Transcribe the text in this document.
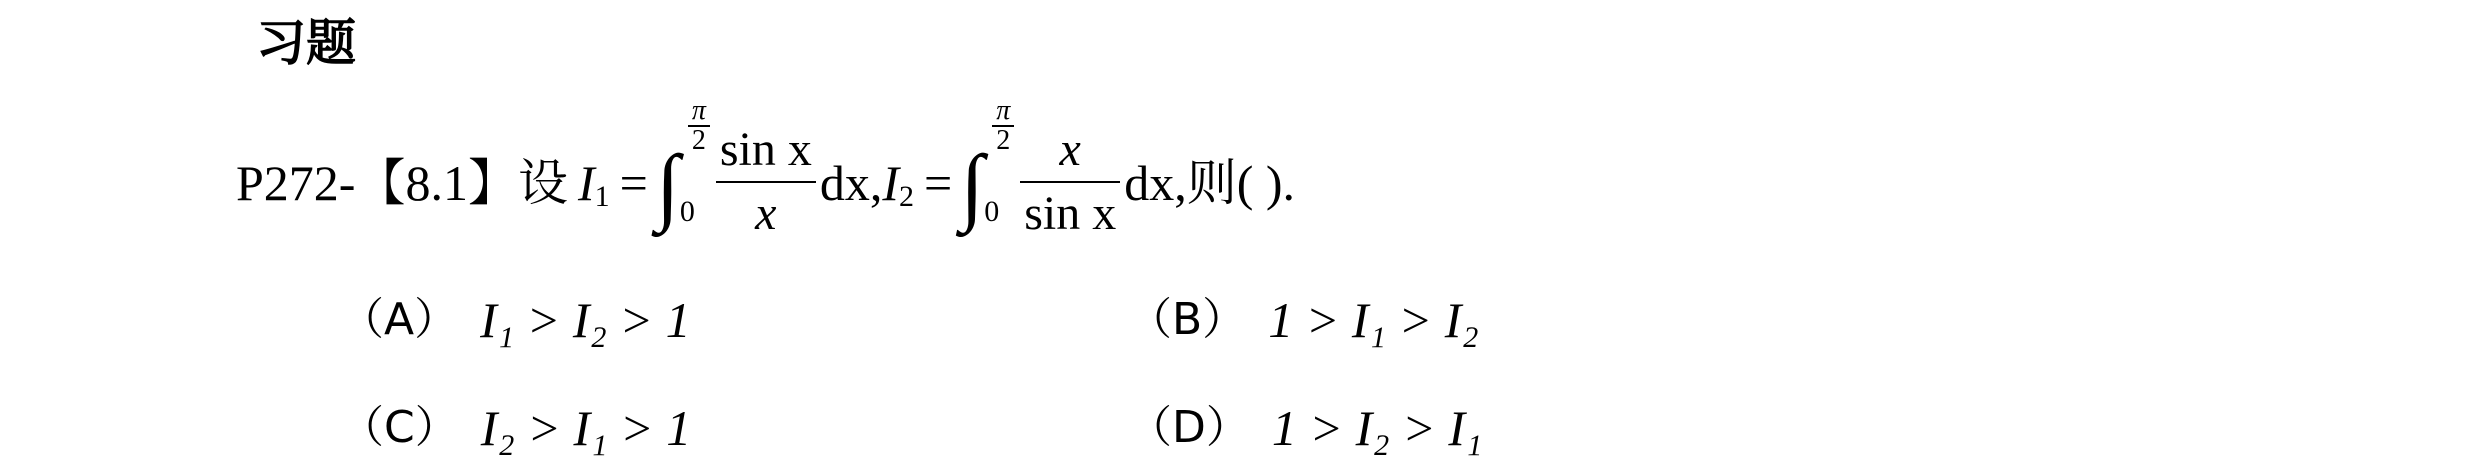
习题
P272-【8.1】设 I 1 = ∫
π
2
$0 \frac{\text{sin x}}{x}$ dx , I 2 = ∫
π
2
$0 \frac{x}{\text{sin x}}$ dx ,则( ).
（A） I₁ > I₂ > 1	（B） 1 > I₁ > I₂
（C） I₂ > I₁ > 1	（D） 1 > I₂ > I₁
